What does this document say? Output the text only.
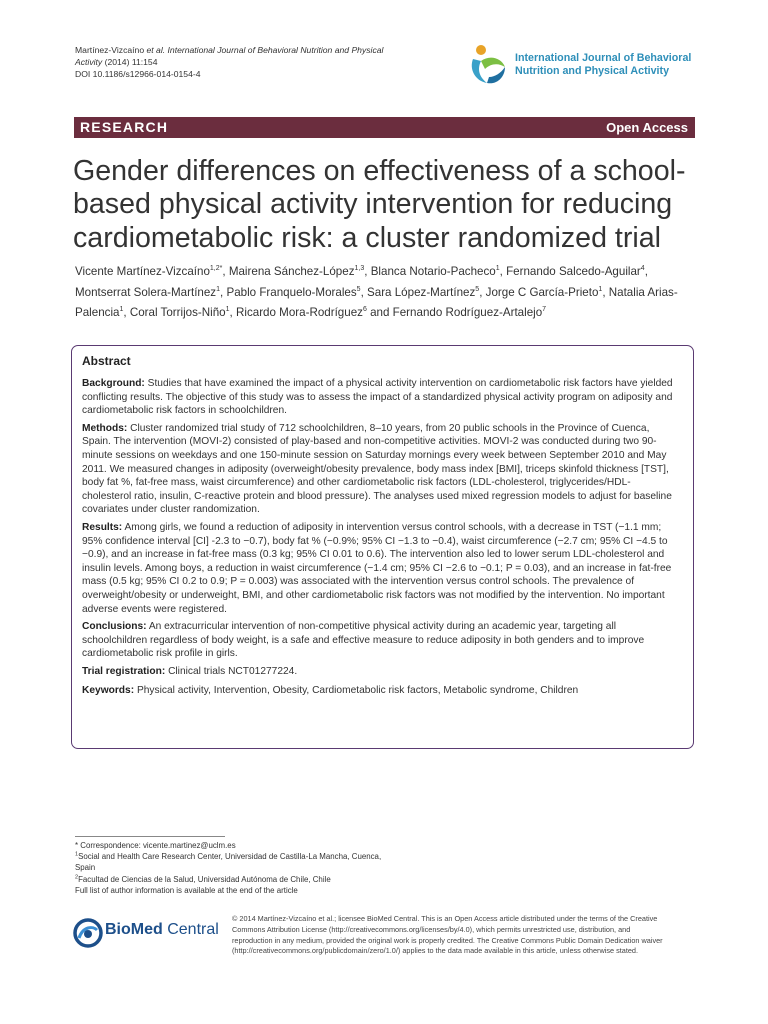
Martínez-Vizcaíno et al. International Journal of Behavioral Nutrition and Physical Activity (2014) 11:154
DOI 10.1186/s12966-014-0154-4
International Journal of Behavioral
Nutrition and Physical Activity
RESEARCH	Open Access
Gender differences on effectiveness of a school-based physical activity intervention for reducing cardiometabolic risk: a cluster randomized trial
Vicente Martínez-Vizcaíno$^{1,2*}$, Mairena Sánchez-López$^{1,3}$, Blanca Notario-Pacheco$^1$, Fernando Salcedo-Aguilar$^4$, Montserrat Solera-Martínez$^1$, Pablo Franquelo-Morales$^5$, Sara López-Martínez$^5$, Jorge C García-Prieto$^1$, Natalia Arias-Palencia$^1$, Coral Torrijos-Niño$^1$, Ricardo Mora-Rodríguez$^6$ and Fernando Rodríguez-Artalejo$^7$
Abstract

Background: Studies that have examined the impact of a physical activity intervention on cardiometabolic risk factors have yielded conflicting results. The objective of this study was to assess the impact of a standardized physical activity program on adiposity and cardiometabolic risk factors in schoolchildren.

Methods: Cluster randomized trial study of 712 schoolchildren, 8–10 years, from 20 public schools in the Province of Cuenca, Spain. The intervention (MOVI-2) consisted of play-based and non-competitive activities. MOVI-2 was conducted during two 90-minute sessions on weekdays and one 150-minute session on Saturday mornings every week between September 2010 and May 2011. We measured changes in adiposity (overweight/obesity prevalence, body mass index [BMI], triceps skinfold thickness [TST], body fat %, fat-free mass, waist circumference) and other cardiometabolic risk factors (LDL-cholesterol, triglycerides/HDL-cholesterol ratio, insulin, C-reactive protein and blood pressure). The analyses used mixed regression models to adjust for baseline covariates under cluster randomization.

Results: Among girls, we found a reduction of adiposity in intervention versus control schools, with a decrease in TST (−1.1 mm; 95% confidence interval [CI] -2.3 to −0.7), body fat % (−0.9%; 95% CI −1.3 to −0.4), waist circumference (−2.7 cm; 95% CI −4.5 to −0.9), and an increase in fat-free mass (0.3 kg; 95% CI 0.01 to 0.6). The intervention also led to lower serum LDL-cholesterol and insulin levels. Among boys, a reduction in waist circumference (−1.4 cm; 95% CI −2.6 to −0.1; P = 0.03), and an increase in fat-free mass (0.5 kg; 95% CI 0.2 to 0.9; P = 0.003) was associated with the intervention versus control schools. The prevalence of overweight/obesity or underweight, BMI, and other cardiometabolic risk factors was not modified by the intervention. No important adverse events were registered.

Conclusions: An extracurricular intervention of non-competitive physical activity during an academic year, targeting all schoolchildren regardless of body weight, is a safe and effective measure to reduce adiposity in both genders and to improve cardiometabolic risk profile in girls.

Trial registration: Clinical trials NCT01277224.

Keywords: Physical activity, Intervention, Obesity, Cardiometabolic risk factors, Metabolic syndrome, Children

* Correspondence: vicente.martinez@uclm.es

$^1$Social and Health Care Research Center, Universidad de Castilla-La Mancha, Cuenca, Spain

$^2$Facultad de Ciencias de la Salud, Universidad Autónoma de Chile, Chile

Full list of author information is available at the end of the article

BioMed Central
© 2014 Martínez-Vizcaíno et al.; licensee BioMed Central. This is an Open Access article distributed under the terms of the Creative Commons Attribution License (http://creativecommons.org/licenses/by/4.0), which permits unrestricted use, distribution, and reproduction in any medium, provided the original work is properly credited. The Creative Commons Public Domain Dedication waiver (http://creativecommons.org/publicdomain/zero/1.0/) applies to the data made available in this article, unless otherwise stated.
